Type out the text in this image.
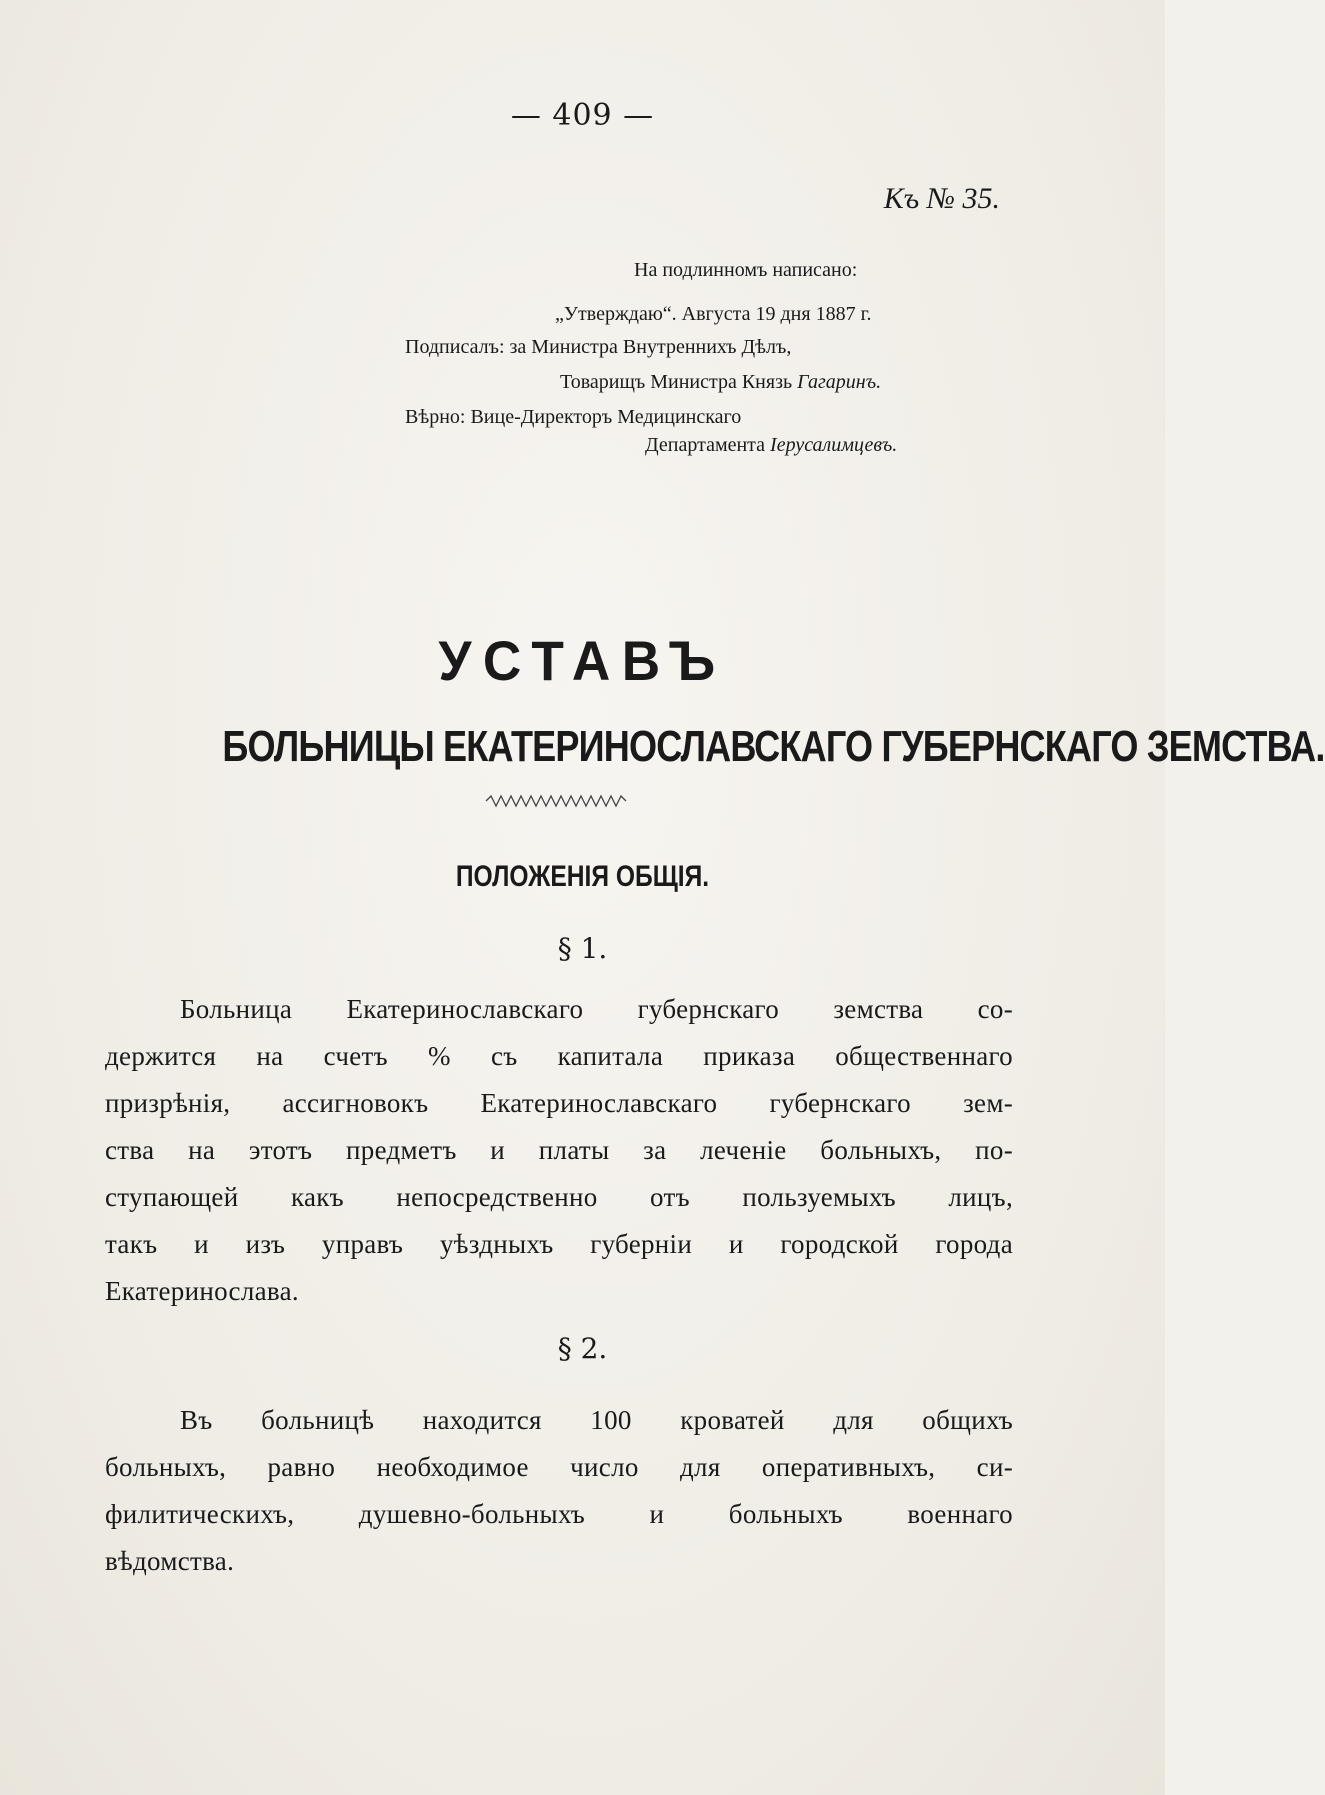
— 409 —
Къ № 35.
На подлинномъ написано:
„Утверждаю“. Августа 19 дня 1887 г.
Подписалъ: за Министра Внутреннихъ Дѣлъ,
Товарищъ Министра Князь Гагаринъ.
Вѣрно: Вице-Директоръ Медицинскаго
Департамента Іерусалимцевъ.
УСТАВЪ
БОЛЬНИЦЫ ЕКАТЕРИНОСЛАВСКАГО ГУБЕРНСКАГО ЗЕМСТВА.
ПОЛОЖЕНІЯ ОБЩІЯ.
§ 1.
Больница Екатеринославскаго губернскаго земства со-
держится на счетъ % съ капитала приказа общественнаго
призрѣнія, ассигновокъ Екатеринославскаго губернскаго зем-
ства на этотъ предметъ и платы за леченіе больныхъ, по-
ступающей какъ непосредственно отъ пользуемыхъ лицъ,
такъ и изъ управъ уѣздныхъ губерніи и городской города
Екатеринослава.
§ 2.
Въ больницѣ находится 100 кроватей для общихъ
больныхъ, равно необходимое число для оперативныхъ, си-
филитическихъ, душевно-больныхъ и больныхъ военнаго
вѣдомства.
